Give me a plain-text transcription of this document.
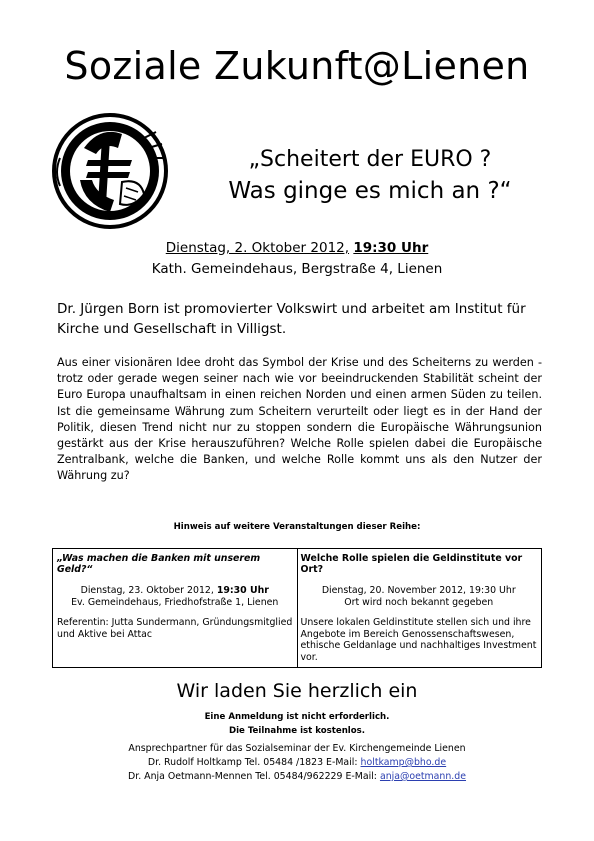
Soziale Zukunft@Lienen
„Scheitert der EURO ?
Was ginge es mich an ?“
Dienstag, 2. Oktober 2012, 19:30 Uhr
Kath. Gemeindehaus, Bergstraße 4, Lienen
Dr. Jürgen Born ist promovierter Volkswirt und arbeitet am Institut für Kirche und Gesellschaft in Villigst.
Aus einer visionären Idee droht das Symbol der Krise und des Scheiterns zu werden - trotz oder gerade wegen seiner nach wie vor beeindruckenden Stabilität scheint der Euro Europa unaufhaltsam in einen reichen Norden und einen armen Süden zu teilen. Ist die gemeinsame Währung zum Scheitern verurteilt oder liegt es in der Hand der Politik, diesen Trend nicht nur zu stoppen sondern die Europäische Währungsunion gestärkt aus der Krise herauszuführen? Welche Rolle spielen dabei die Europäische Zentralbank, welche die Banken, und welche Rolle kommt uns als den Nutzer der Währung zu?
Hinweis auf weitere Veranstaltungen dieser Reihe:
„Was machen die Banken mit unserem Geld?“
Dienstag, 23. Oktober 2012, 19:30 Uhr
Ev. Gemeindehaus, Friedhofstraße 1, Lienen
Referentin: Jutta Sundermann, Gründungsmitglied und Aktive bei Attac

Welche Rolle spielen die Geldinstitute vor Ort?
Dienstag, 20. November 2012, 19:30 Uhr
Ort wird noch bekannt gegeben
Unsere lokalen Geldinstitute stellen sich und ihre Angebote im Bereich Genossenschaftswesen, ethische Geldanlage und nachhaltiges Investment vor.
Wir laden Sie herzlich ein
Eine Anmeldung ist nicht erforderlich.
Die Teilnahme ist kostenlos.
Ansprechpartner für das Sozialseminar der Ev. Kirchengemeinde Lienen
Dr. Rudolf Holtkamp Tel. 05484 /1823 E-Mail: holtkamp@bho.de
Dr. Anja Oetmann-Mennen Tel. 05484/962229 E-Mail: anja@oetmann.de
